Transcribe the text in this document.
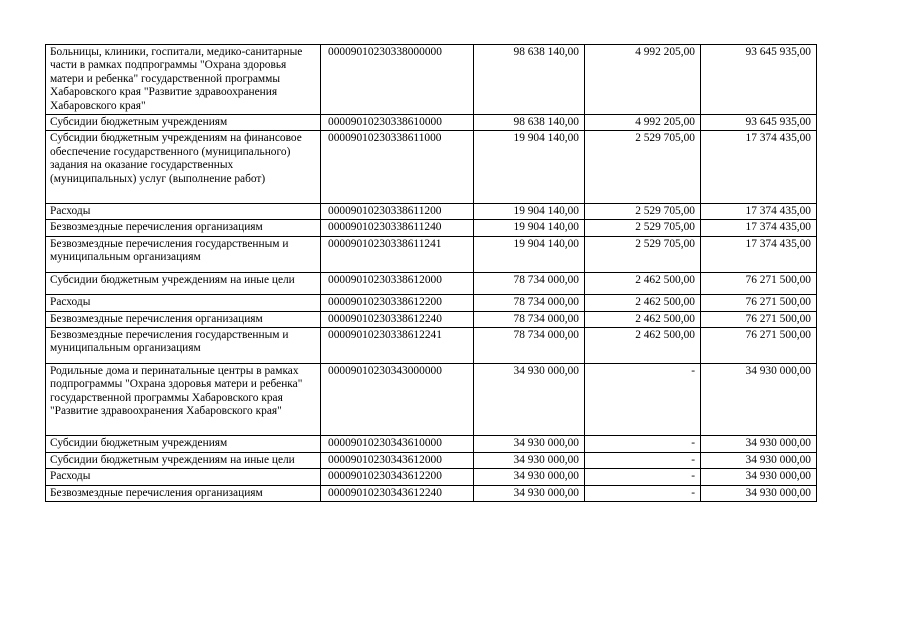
Больницы, клиники, госпитали, медико-санитарные части в рамках подпрограммы "Охрана здоровья матери и ребенка" государственной программы Хабаровского края "Развитие здравоохранения Хабаровского края"	00009010230338000000	98 638 140,00	4 992 205,00	93 645 935,00
Субсидии бюджетным учреждениям	00009010230338610000	98 638 140,00	4 992 205,00	93 645 935,00
Субсидии бюджетным учреждениям на финансовое обеспечение государственного (муниципального) задания на оказание государственных (муниципальных) услуг (выполнение работ)	00009010230338611000	19 904 140,00	2 529 705,00	17 374 435,00
Расходы	00009010230338611200	19 904 140,00	2 529 705,00	17 374 435,00
Безвозмездные перечисления организациям	00009010230338611240	19 904 140,00	2 529 705,00	17 374 435,00
Безвозмездные перечисления государственным и муниципальным организациям	00009010230338611241	19 904 140,00	2 529 705,00	17 374 435,00
Субсидии бюджетным учреждениям на иные цели	00009010230338612000	78 734 000,00	2 462 500,00	76 271 500,00
Расходы	00009010230338612200	78 734 000,00	2 462 500,00	76 271 500,00
Безвозмездные перечисления организациям	00009010230338612240	78 734 000,00	2 462 500,00	76 271 500,00
Безвозмездные перечисления государственным и муниципальным организациям	00009010230338612241	78 734 000,00	2 462 500,00	76 271 500,00
Родильные дома и перинатальные центры в рамках подпрограммы "Охрана здоровья матери и ребенка" государственной программы Хабаровского края "Развитие здравоохранения Хабаровского края"	00009010230343000000	34 930 000,00	-	34 930 000,00
Субсидии бюджетным учреждениям	00009010230343610000	34 930 000,00	-	34 930 000,00
Субсидии бюджетным учреждениям на иные цели	00009010230343612000	34 930 000,00	-	34 930 000,00
Расходы	00009010230343612200	34 930 000,00	-	34 930 000,00
Безвозмездные перечисления организациям	00009010230343612240	34 930 000,00	-	34 930 000,00
